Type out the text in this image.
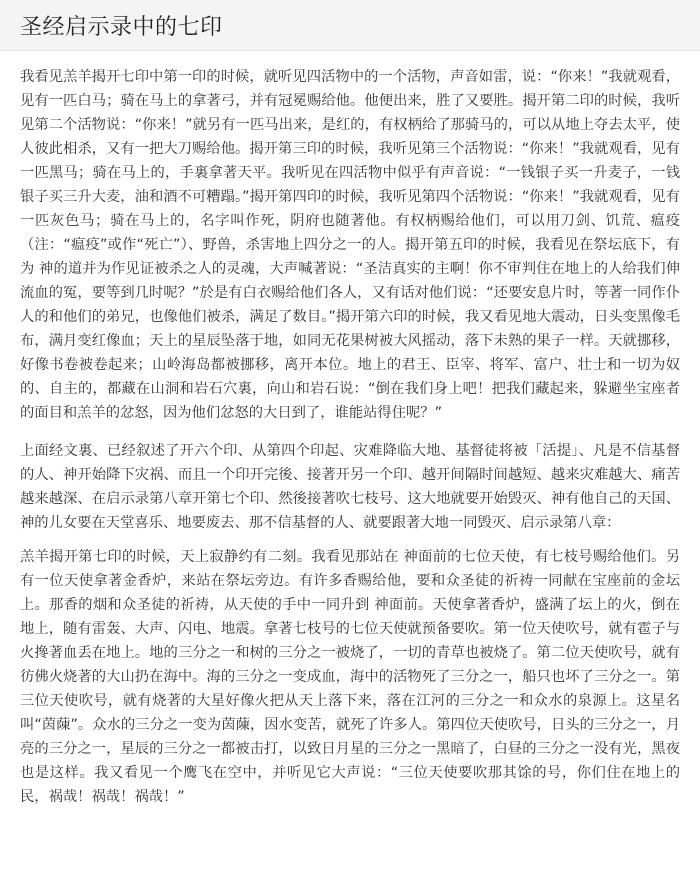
圣经启示录中的七印

我看见羔羊揭开七印中第一印的时候，就听见四活物中的一个活物，声音如雷，说：“你来！”我就观看，见有一匹白马；骑在马上的拿著弓，并有冠冕赐给他。他便出来，胜了又要胜。揭开第二印的时候，我听见第二个活物说：“你来！”就另有一匹马出来，是红的，有权柄给了那骑马的，可以从地上夺去太平，使人彼此相杀，又有一把大刀赐给他。揭开第三印的时候，我听见第三个活物说：“你来！”我就观看，见有一匹黑马；骑在马上的，手裏拿著天平。我听见在四活物中似乎有声音说：“一钱银子买一升麦子，一钱银子买三升大麦，油和酒不可糟蹋。”揭开第四印的时候，我听见第四个活物说：“你来！”我就观看，见有一匹灰色马；骑在马上的，名字叫作死，阴府也随著他。有权柄赐给他们，可以用刀剑、饥荒、瘟疫（注：“瘟疫”或作“死亡”）、野兽，杀害地上四分之一的人。揭开第五印的时候，我看见在祭坛底下，有为 神的道并为作见证被杀之人的灵魂，大声喊著说：“圣洁真实的主啊！你不审判住在地上的人给我们伸流血的冤，要等到几时呢？”於是有白衣赐给他们各人，又有话对他们说：“还要安息片时，等著一同作仆人的和他们的弟兄，也像他们被杀，满足了数目。”揭开第六印的时候，我又看见地大震动，日头变黑像毛布，满月变红像血；天上的星辰坠落于地，如同无花果树被大风摇动，落下未熟的果子一样。天就挪移，好像书卷被卷起来；山岭海岛都被挪移，离开本位。地上的君王、臣宰、将军、富户、壮士和一切为奴的、自主的，都藏在山洞和岩石穴裏，向山和岩石说：“倒在我们身上吧！把我们藏起来，躲避坐宝座者的面目和羔羊的忿怒，因为他们忿怒的大日到了，谁能站得住呢？”

上面经文裏、已经叙述了开六个印、从第四个印起、灾难降临大地、基督徒将被「活提」、凡是不信基督的人、神开始降下灾祸、而且一个印开完後、接著开另一个印、越开间隔时间越短、越来灾难越大、痛苦越来越深、在启示录第八章开第七个印、然後接著吹七枝号、这大地就要开始毁灭、神有他自己的天国、神的儿女要在天堂喜乐、地要废去、那不信基督的人、就要跟著大地一同毁灭、启示录第八章：

羔羊揭开第七印的时候，天上寂静约有二刻。我看见那站在 神面前的七位天使，有七枝号赐给他们。另有一位天使拿著金香炉，来站在祭坛旁边。有许多香赐给他，要和众圣徒的祈祷一同献在宝座前的金坛上。那香的烟和众圣徒的祈祷，从天使的手中一同升到 神面前。天使拿著香炉，盛满了坛上的火，倒在地上，随有雷轰、大声、闪电、地震。拿著七枝号的七位天使就预备要吹。第一位天使吹号，就有雹子与火搀著血丢在地上。地的三分之一和树的三分之一被烧了，一切的青草也被烧了。第二位天使吹号，就有彷佛火烧著的大山扔在海中。海的三分之一变成血，海中的活物死了三分之一，船只也坏了三分之一。第三位天使吹号，就有烧著的大星好像火把从天上落下来，落在江河的三分之一和众水的泉源上。这星名叫“茵蔯”。众水的三分之一变为茵蔯，因水变苦，就死了许多人。第四位天使吹号，日头的三分之一，月亮的三分之一，星辰的三分之一都被击打，以致日月星的三分之一黑暗了，白昼的三分之一没有光，黑夜也是这样。我又看见一个鹰飞在空中，并听见它大声说：“三位天使要吹那其馀的号，你们住在地上的民，祸哉！祸哉！祸哉！”
